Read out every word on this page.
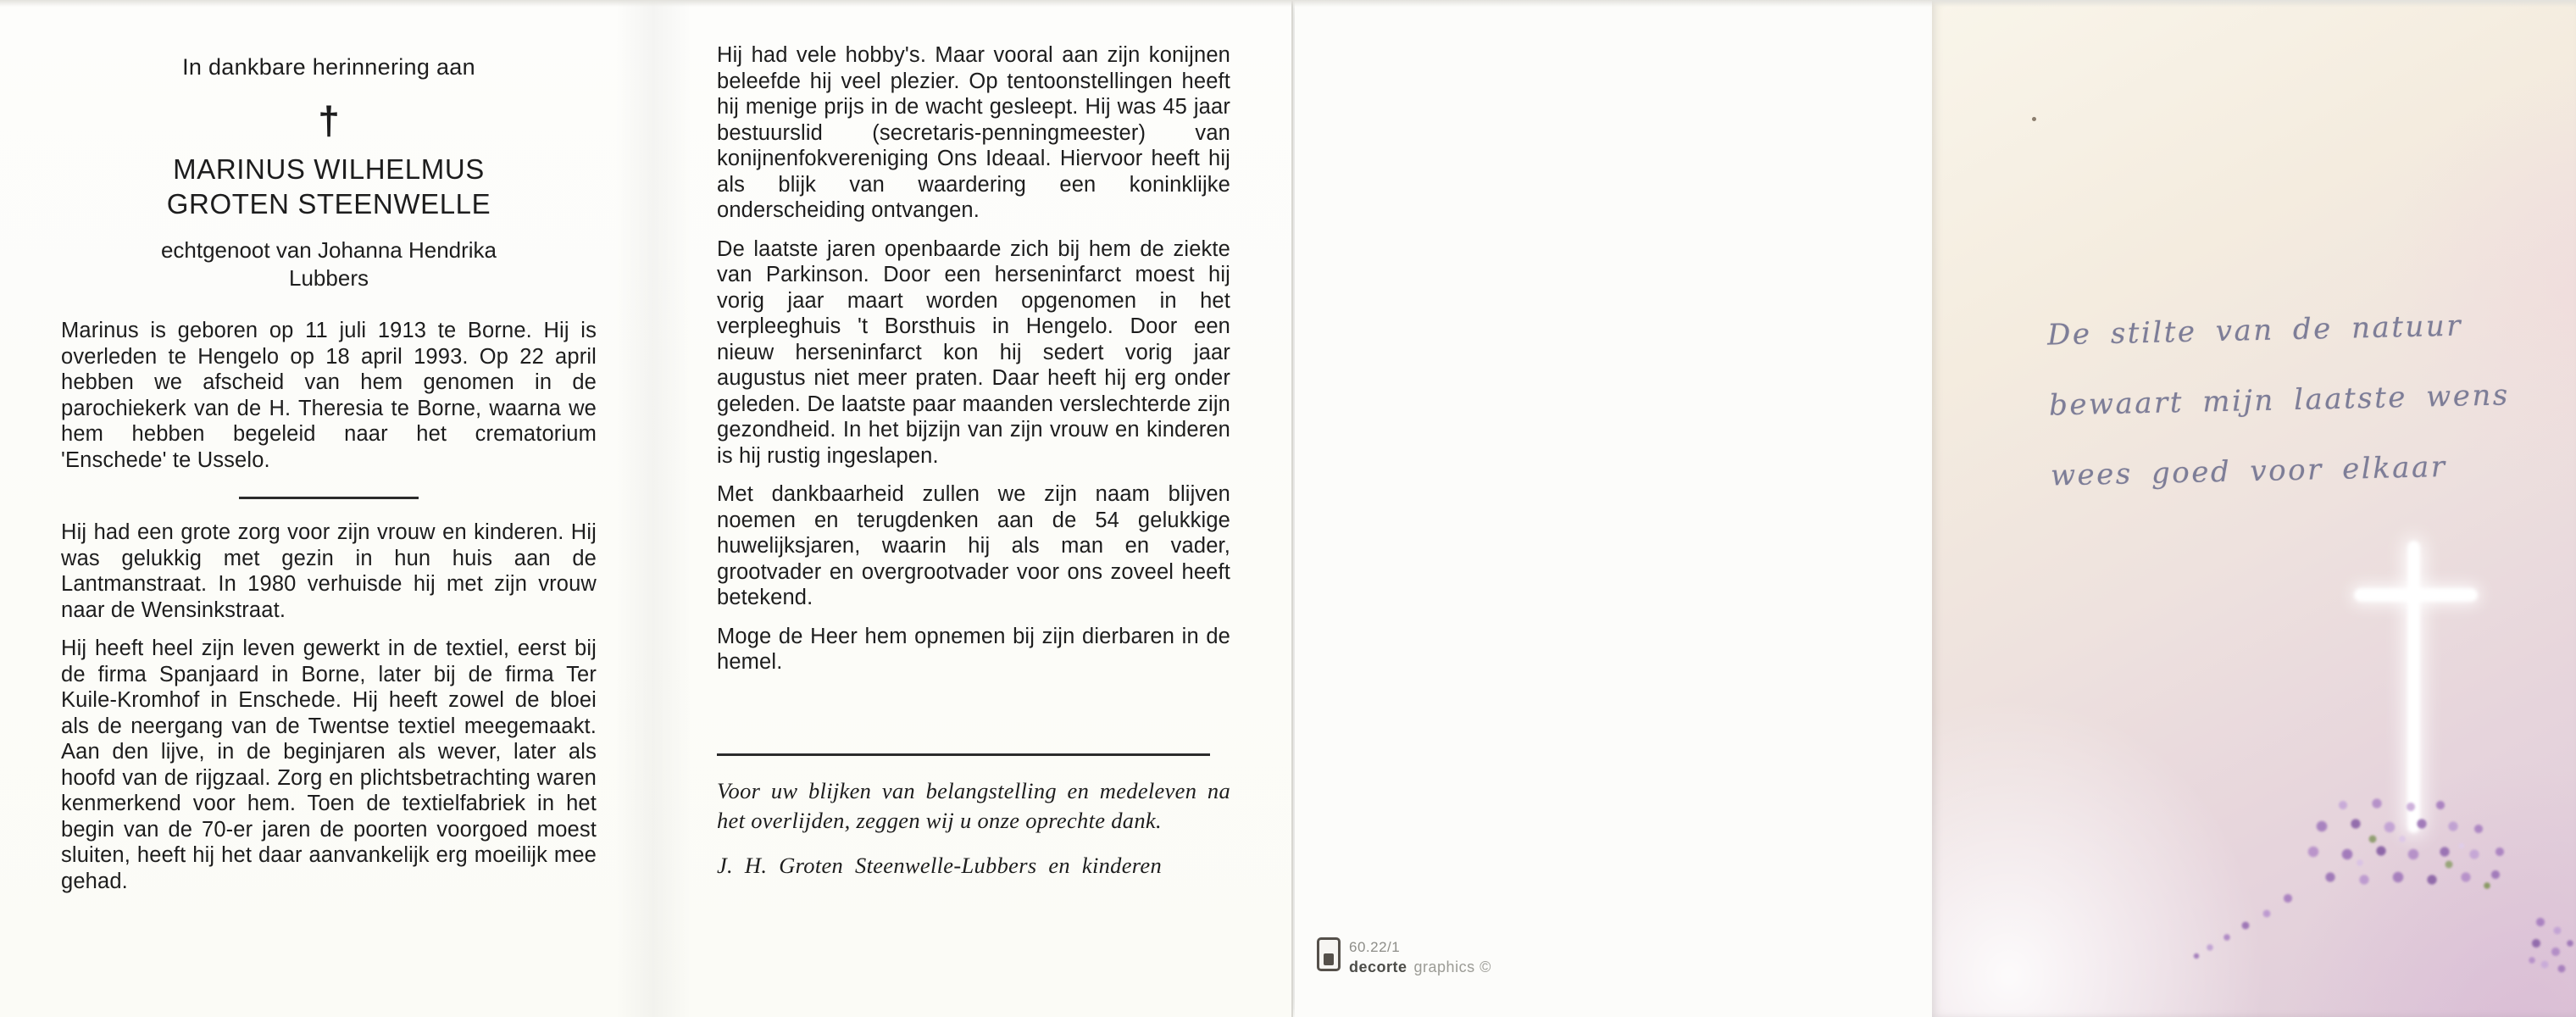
In dankbare herinnering aan
†
MARINUS WILHELMUS
GROTEN STEENWELLE
echtgenoot van Johanna Hendrika
Lubbers

Marinus is geboren op 11 juli 1913 te Borne. Hij is overleden te Hengelo op 18 april 1993. Op 22 april hebben we afscheid van hem genomen in de parochiekerk van de H. Theresia te Borne, waarna we hem hebben begeleid naar het crematorium 'Enschede' te Usselo.

Hij had een grote zorg voor zijn vrouw en kinderen. Hij was gelukkig met gezin in hun huis aan de Lantmanstraat. In 1980 verhuisde hij met zijn vrouw naar de Wensinkstraat.

Hij heeft heel zijn leven gewerkt in de textiel, eerst bij de firma Spanjaard in Borne, later bij de firma Ter Kuile-Kromhof in Enschede. Hij heeft zowel de bloei als de neergang van de Twentse textiel meegemaakt. Aan den lijve, in de beginjaren als wever, later als hoofd van de rijgzaal. Zorg en plichtsbetrachting waren kenmerkend voor hem. Toen de textielfabriek in het begin van de 70-er jaren de poorten voorgoed moest sluiten, heeft hij het daar aanvankelijk erg moeilijk mee gehad.

Hij had vele hobby's. Maar vooral aan zijn konijnen beleefde hij veel plezier. Op tentoonstellingen heeft hij menige prijs in de wacht gesleept. Hij was 45 jaar bestuurslid (secretaris-penningmeester) van konijnenfokvereniging Ons Ideaal. Hiervoor heeft hij als blijk van waardering een koninklijke onderscheiding ontvangen.

De laatste jaren openbaarde zich bij hem de ziekte van Parkinson. Door een herseninfarct moest hij vorig jaar maart worden opgenomen in het verpleeghuis 't Borsthuis in Hengelo. Door een nieuw herseninfarct kon hij sedert vorig jaar augustus niet meer praten. Daar heeft hij erg onder geleden. De laatste paar maanden verslechterde zijn gezondheid. In het bijzijn van zijn vrouw en kinderen is hij rustig ingeslapen.

Met dankbaarheid zullen we zijn naam blijven noemen en terugdenken aan de 54 gelukkige huwelijksjaren, waarin hij als man en vader, grootvader en overgrootvader voor ons zoveel heeft betekend.

Moge de Heer hem opnemen bij zijn dierbaren in de hemel.

Voor uw blijken van belangstelling en medeleven na het overlijden, zeggen wij u onze oprechte dank.

J. H. Groten Steenwelle-Lubbers en kinderen

60.22/1
decorte graphics ©
De stilte van de natuur
bewaart mijn laatste wens
wees goed voor elkaar
